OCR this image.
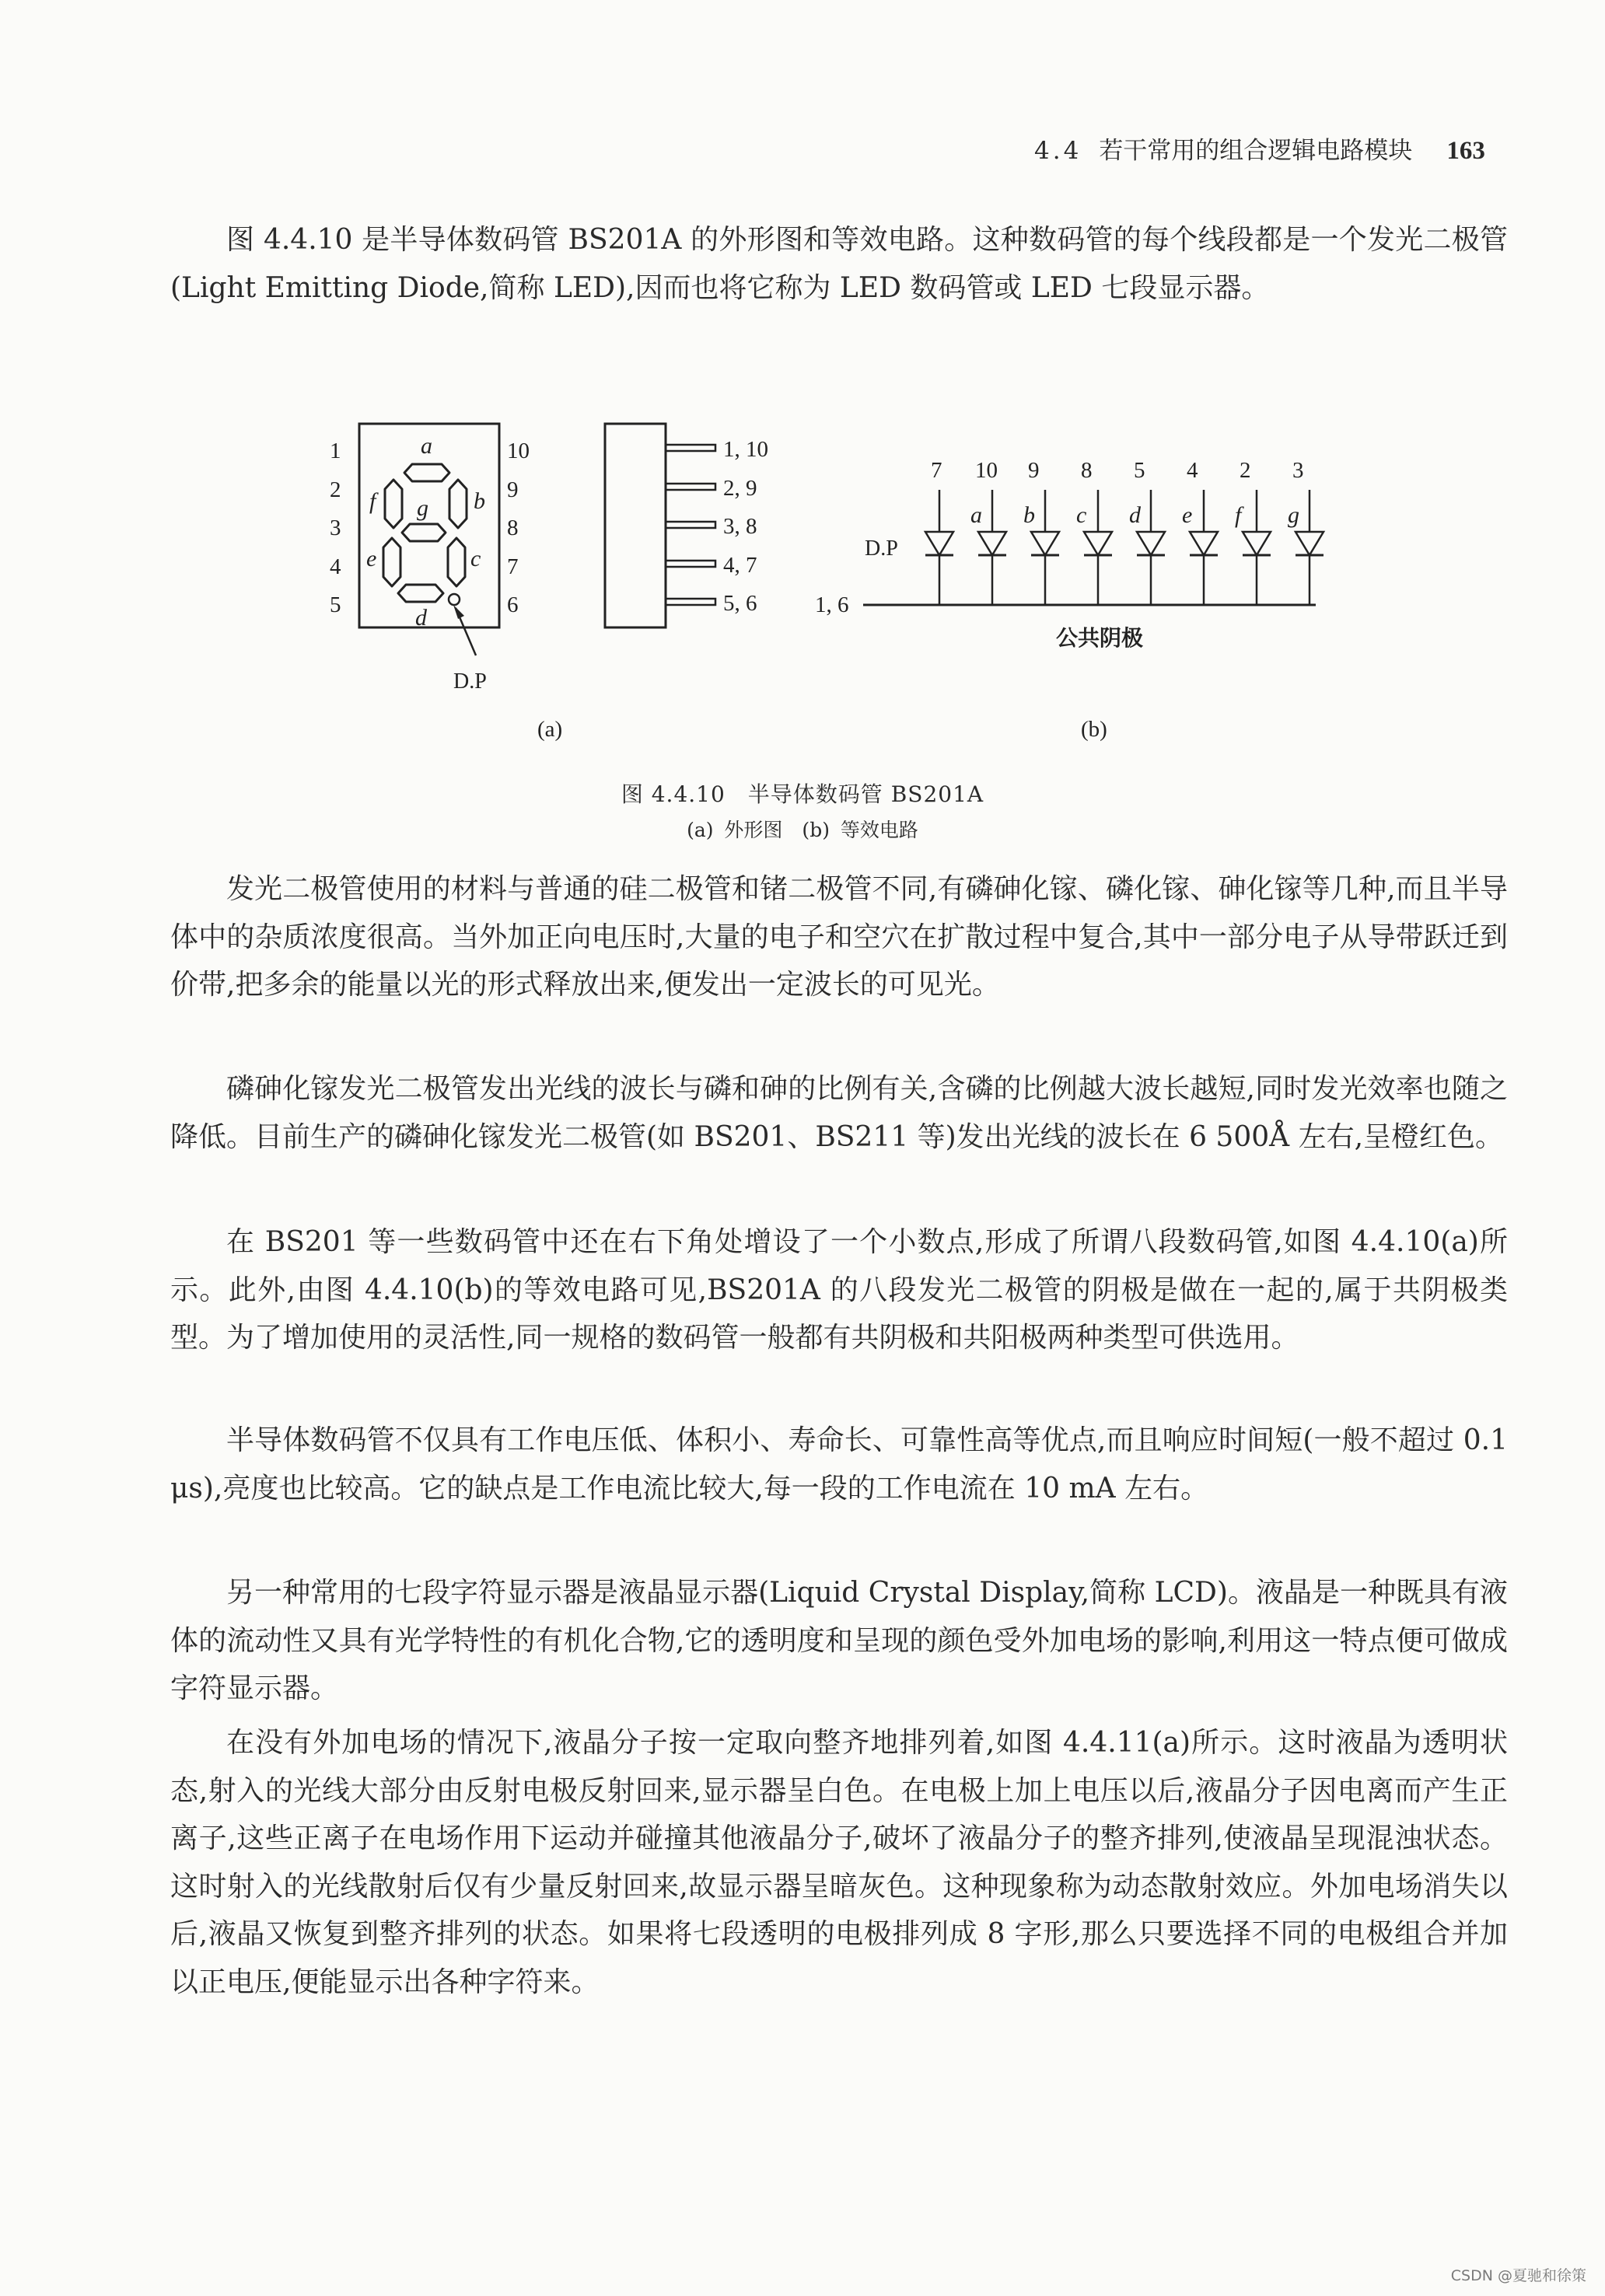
4.4 若干常用的组合逻辑电路模块 163

图 4.4.10 是半导体数码管 BS201A 的外形图和等效电路。这种数码管的每个线段都是一个发光二极管(Light Emitting Diode,简称 LED),因而也将它称为 LED 数码管或 LED 七段显示器。

1
2
3
4
5
10
9
8
7
6
a
b
c
d
e
f g
D.P
1, 10
2, 9
3, 8
4, 7
5, 6
(a)
7 10 9 8 5 4 2 3
a b c d e f g
D.P
1, 6
公共阴极
(b)
图 4.4.10　半导体数码管 BS201A
(a) 外形图　(b) 等效电路

发光二极管使用的材料与普通的硅二极管和锗二极管不同,有磷砷化镓、磷化镓、砷化镓等几种,而且半导体中的杂质浓度很高。当外加正向电压时,大量的电子和空穴在扩散过程中复合,其中一部分电子从导带跃迁到价带,把多余的能量以光的形式释放出来,便发出一定波长的可见光。

磷砷化镓发光二极管发出光线的波长与磷和砷的比例有关,含磷的比例越大波长越短,同时发光效率也随之降低。目前生产的磷砷化镓发光二极管(如 BS201、BS211 等)发出光线的波长在 6 500Å 左右,呈橙红色。

在 BS201 等一些数码管中还在右下角处增设了一个小数点,形成了所谓八段数码管,如图 4.4.10(a)所示。此外,由图 4.4.10(b)的等效电路可见,BS201A 的八段发光二极管的阴极是做在一起的,属于共阴极类型。为了增加使用的灵活性,同一规格的数码管一般都有共阴极和共阳极两种类型可供选用。

半导体数码管不仅具有工作电压低、体积小、寿命长、可靠性高等优点,而且响应时间短(一般不超过 0.1 μs),亮度也比较高。它的缺点是工作电流比较大,每一段的工作电流在 10 mA 左右。

另一种常用的七段字符显示器是液晶显示器(Liquid Crystal Display,简称 LCD)。液晶是一种既具有液体的流动性又具有光学特性的有机化合物,它的透明度和呈现的颜色受外加电场的影响,利用这一特点便可做成字符显示器。

在没有外加电场的情况下,液晶分子按一定取向整齐地排列着,如图 4.4.11(a)所示。这时液晶为透明状态,射入的光线大部分由反射电极反射回来,显示器呈白色。在电极上加上电压以后,液晶分子因电离而产生正离子,这些正离子在电场作用下运动并碰撞其他液晶分子,破坏了液晶分子的整齐排列,使液晶呈现混浊状态。这时射入的光线散射后仅有少量反射回来,故显示器呈暗灰色。这种现象称为动态散射效应。外加电场消失以后,液晶又恢复到整齐排列的状态。如果将七段透明的电极排列成 8 字形,那么只要选择不同的电极组合并加以正电压,便能显示出各种字符来。

CSDN @夏驰和徐策
